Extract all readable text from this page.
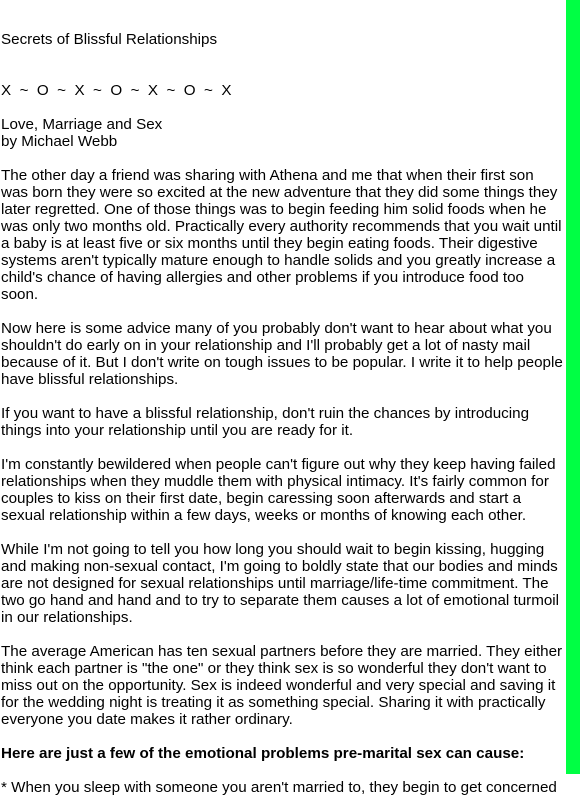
Secrets of Blissful Relationships

X  ~  O  ~  X  ~  O  ~  X  ~  O  ~  X

Love, Marriage and Sex

by Michael Webb

The other day a friend was sharing with Athena and me that when their first son was born they were so excited at the new adventure that they did some things they later regretted. One of those things was to begin feeding him solid foods when he was only two months old. Practically every authority recommends that you wait until a baby is at least five or six months until they begin eating foods. Their digestive systems aren't typically mature enough to handle solids and you greatly increase a child's chance of having allergies and other problems if you introduce food too soon.

Now here is some advice many of you probably don't want to hear about what you shouldn't do early on in your relationship and I'll probably get a lot of nasty mail because of it. But I don't write on tough issues to be popular. I write it to help people have blissful relationships.

If you want to have a blissful relationship, don't ruin the chances by introducing things into your relationship until you are ready for it.

I'm constantly bewildered when people can't figure out why they keep having failed relationships when they muddle them with physical intimacy. It's fairly common for couples to kiss on their first date, begin caressing soon afterwards and start a sexual relationship within a few days, weeks or months of knowing each other.

While I'm not going to tell you how long you should wait to begin kissing, hugging and making non-sexual contact, I'm going to boldly state that our bodies and minds are not designed for sexual relationships until marriage/life-time commitment. The two go hand and hand and to try to separate them causes a lot of emotional turmoil in our relationships.

The average American has ten sexual partners before they are married. They either think each partner is "the one" or they think sex is so wonderful they don't want to miss out on the opportunity. Sex is indeed wonderful and very special and saving it for the wedding night is treating it as something special. Sharing it with practically everyone you date makes it rather ordinary.

Here are just a few of the emotional problems pre-marital sex can cause:

* When you sleep with someone you aren't married to, they begin to get concerned
